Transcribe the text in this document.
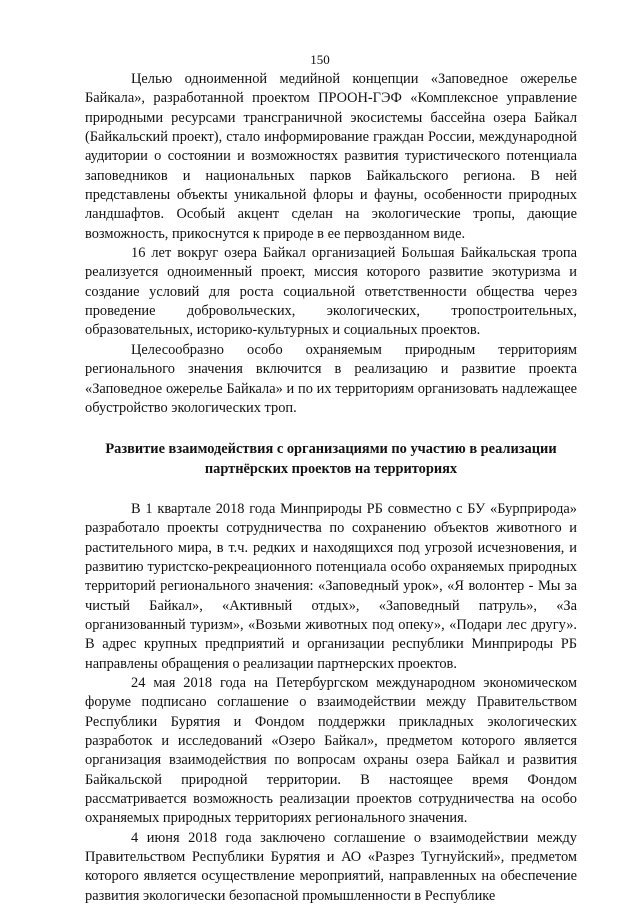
150

Целью одноименной медийной концепции «Заповедное ожерелье Байкала», разработанной проектом ПРООН-ГЭФ «Комплексное управление природными ресурсами трансграничной экосистемы бассейна озера Байкал (Байкальский проект), стало информирование граждан России, международной аудитории о состоянии и возможностях развития туристического потенциала заповедников и национальных парков Байкальского региона. В ней представлены объекты уникальной флоры и фауны, особенности природных ландшафтов. Особый акцент сделан на экологические тропы, дающие возможность, прикоснутся к природе в ее первозданном виде.

16 лет вокруг озера Байкал организацией Большая Байкальская тропа реализуется одноименный проект, миссия которого развитие экотуризма и создание условий для роста социальной ответственности общества через проведение добровольческих, экологических, тропостроительных, образовательных, историко-культурных и социальных проектов.

Целесообразно особо охраняемым природным территориям регионального значения включится в реализацию и развитие проекта «Заповедное ожерелье Байкала» и по их территориям организовать надлежащее обустройство экологических троп.

Развитие взаимодействия с организациями по участию в реализации
партнёрских проектов на территориях

В 1 квартале 2018 года Минприроды РБ совместно с БУ «Бурприрода» разработало проекты сотрудничества по сохранению объектов животного и растительного мира, в т.ч. редких и находящихся под угрозой исчезновения, и развитию туристско-рекреационного потенциала особо охраняемых природных территорий регионального значения: «Заповедный урок», «Я волонтер - Мы за чистый Байкал», «Активный отдых», «Заповедный патруль», «За организованный туризм», «Возьми животных под опеку», «Подари лес другу». В адрес крупных предприятий и организации республики Минприроды РБ направлены обращения о реализации партнерских проектов.

24 мая 2018 года на Петербургском международном экономическом форуме подписано соглашение о взаимодействии между Правительством Республики Бурятия и Фондом поддержки прикладных экологических разработок и исследований «Озеро Байкал», предметом которого является организация взаимодействия по вопросам охраны озера Байкал и развития Байкальской природной территории. В настоящее время Фондом рассматривается возможность реализации проектов сотрудничества на особо охраняемых природных территориях регионального значения.

4 июня 2018 года заключено соглашение о взаимодействии между Правительством Республики Бурятия и АО «Разрез Тугнуйский», предметом которого является осуществление мероприятий, направленных на обеспечение развития экологически безопасной промышленности в Республике
